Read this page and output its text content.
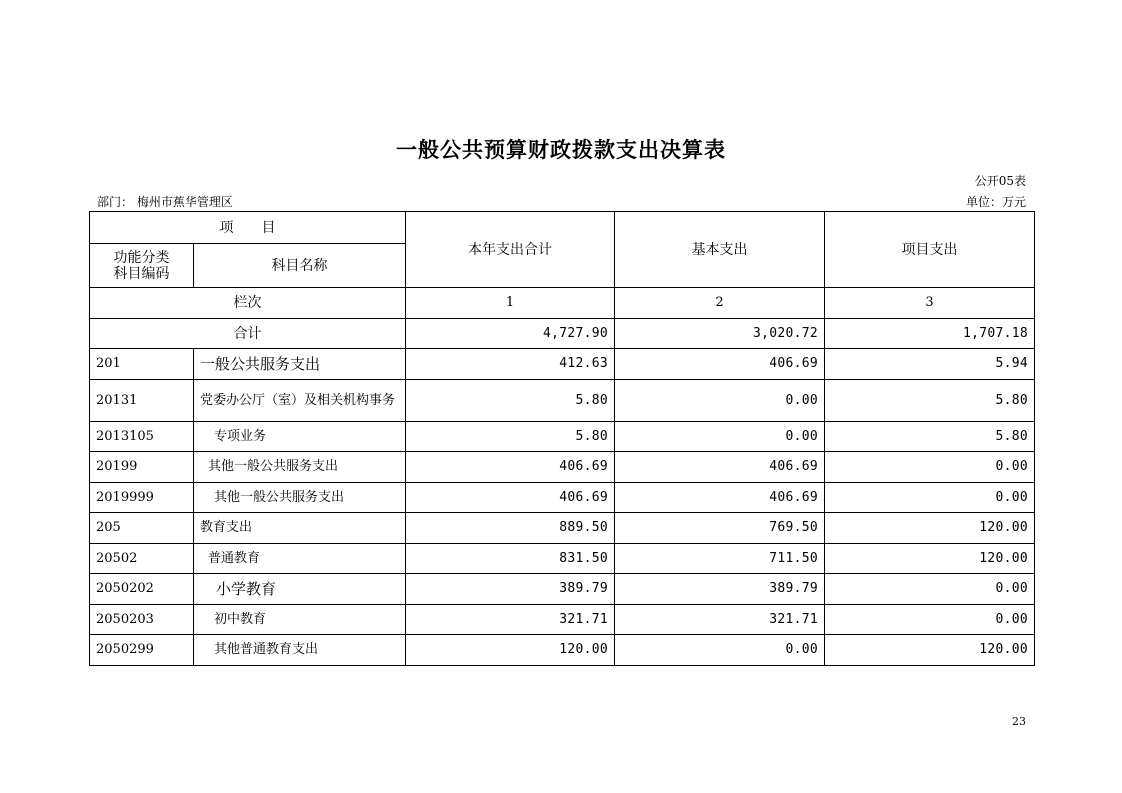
一般公共预算财政拨款支出决算表
公开05表
部门： 梅州市蕉华管理区	单位：万元
项　　目		本年支出合计	基本支出	项目支出

功能分类
科目编码	科目名称			
栏次		1	2	3
合计		4,727.90	3,020.72	1,707.18
201	一般公共服务支出	412.63	406.69	5.94
20131	党委办公厅（室）及相关机构事务	5.80	0.00	5.80
2013105	专项业务	5.80	0.00	5.80
20199	其他一般公共服务支出	406.69	406.69	0.00
2019999	其他一般公共服务支出	406.69	406.69	0.00
205	教育支出	889.50	769.50	120.00
20502	普通教育	831.50	711.50	120.00
2050202	小学教育	389.79	389.79	0.00
2050203	初中教育	321.71	321.71	0.00
2050299	其他普通教育支出	120.00	0.00	120.00
23
